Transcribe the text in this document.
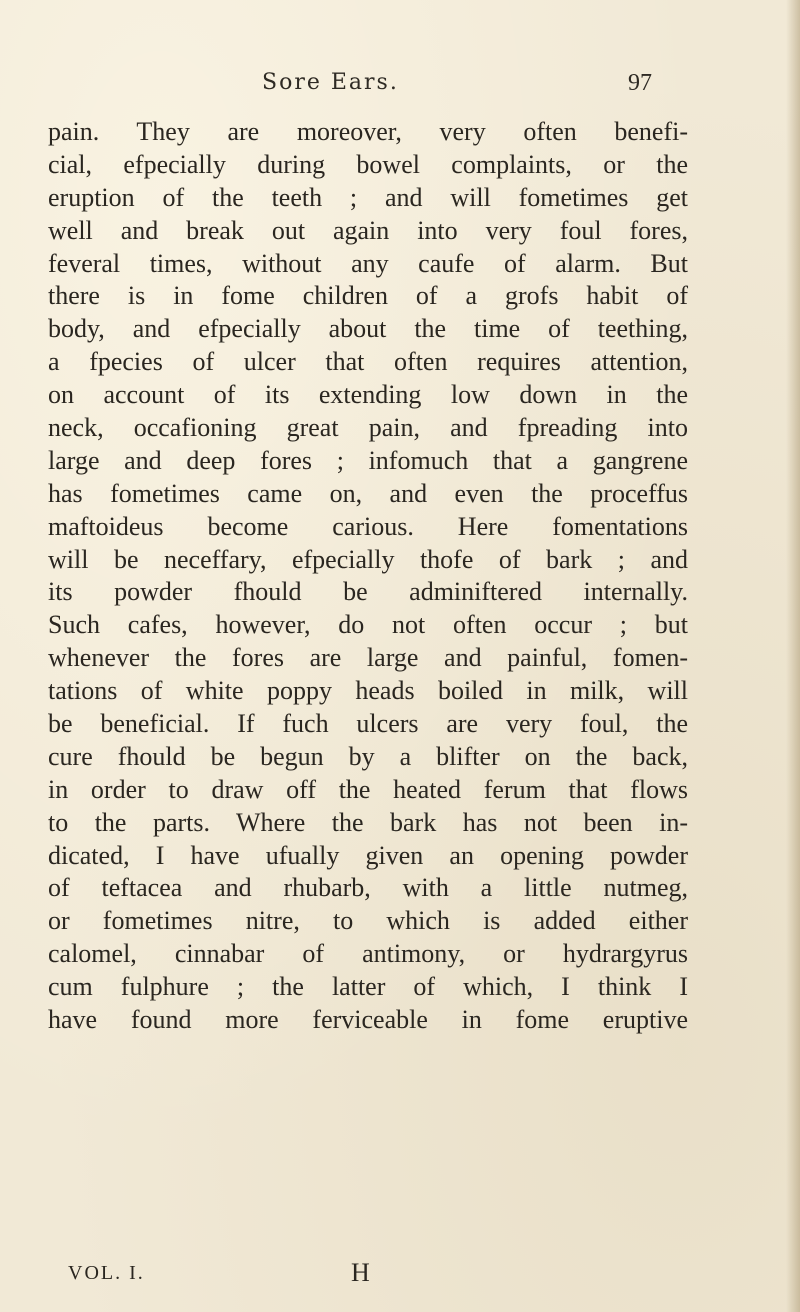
Sore Ears.	97
pain. They are moreover, very often benefi-
cial, efpecially during bowel complaints, or the
eruption of the teeth ; and will fometimes get
well and break out again into very foul fores,
feveral times, without any caufe of alarm. But
there is in fome children of a grofs habit of
body, and efpecially about the time of teething,
a fpecies of ulcer that often requires attention,
on account of its extending low down in the
neck, occafioning great pain, and fpreading into
large and deep fores ; infomuch that a gangrene
has fometimes came on, and even the proceffus
maftoideus become carious. Here fomentations
will be neceffary, efpecially thofe of bark ; and
its powder fhould be adminiftered internally.
Such cafes, however, do not often occur ; but
whenever the fores are large and painful, fomen-
tations of white poppy heads boiled in milk, will
be beneficial. If fuch ulcers are very foul, the
cure fhould be begun by a blifter on the back,
in order to draw off the heated ferum that flows
to the parts. Where the bark has not been in-
dicated, I have ufually given an opening powder
of teftacea and rhubarb, with a little nutmeg,
or fometimes nitre, to which is added either
calomel, cinnabar of antimony, or hydrargyrus
cum fulphure ; the latter of which, I think I
have found more ferviceable in fome eruptive
VOL. I.	H
